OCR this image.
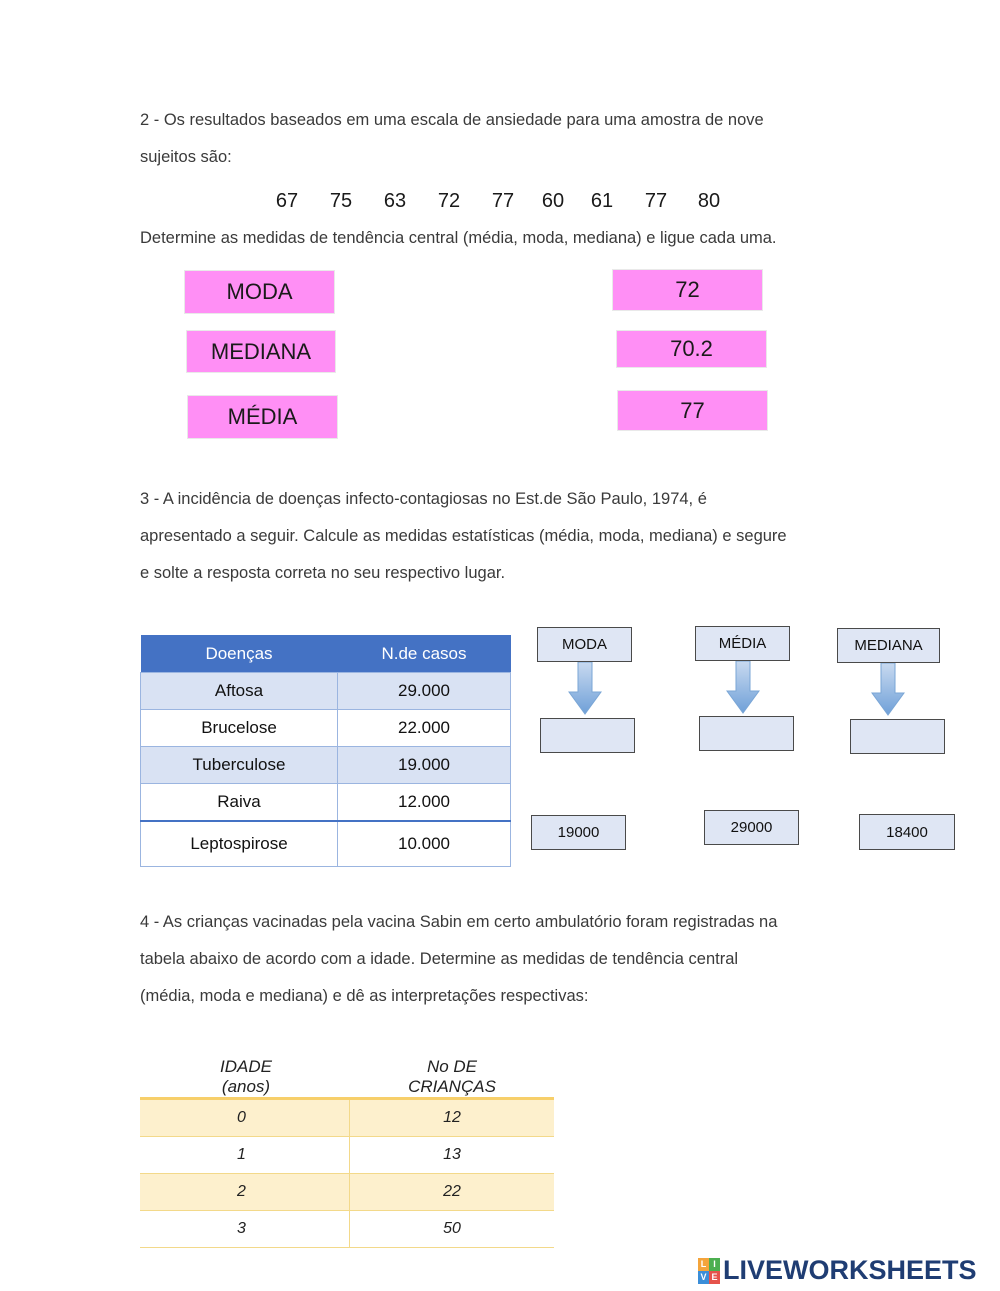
2 - Os resultados baseados em uma escala de ansiedade para uma amostra de nove
sujeitos são:
67 75 63 72 77 60 61 77 80
Determine as medidas de tendência central (média, moda, mediana) e ligue cada uma.
MODA
MEDIANA
MÉDIA
72
70.2
77
3 - A incidência de doenças infecto-contagiosas no Est.de São Paulo, 1974, é
apresentado a seguir. Calcule as medidas estatísticas (média, moda, mediana) e segure
e solte a resposta correta no seu respectivo lugar.
Doenças	N.de casos
Aftosa	29.000
Brucelose	22.000
Tuberculose	19.000
Raiva	12.000
Leptospirose	10.000
MODA	MÉDIA	MEDIANA
19000	29000	18400
4 - As crianças vacinadas pela vacina Sabin em certo ambulatório foram registradas na
tabela abaixo de acordo com a idade. Determine as medidas de tendência central
(média, moda e mediana) e dê as interpretações respectivas:
IDADE
(anos)
No DE
CRIANÇAS
0	12
1	13
2	22
3	50
L I
V E LIVEWORKSHEETS
